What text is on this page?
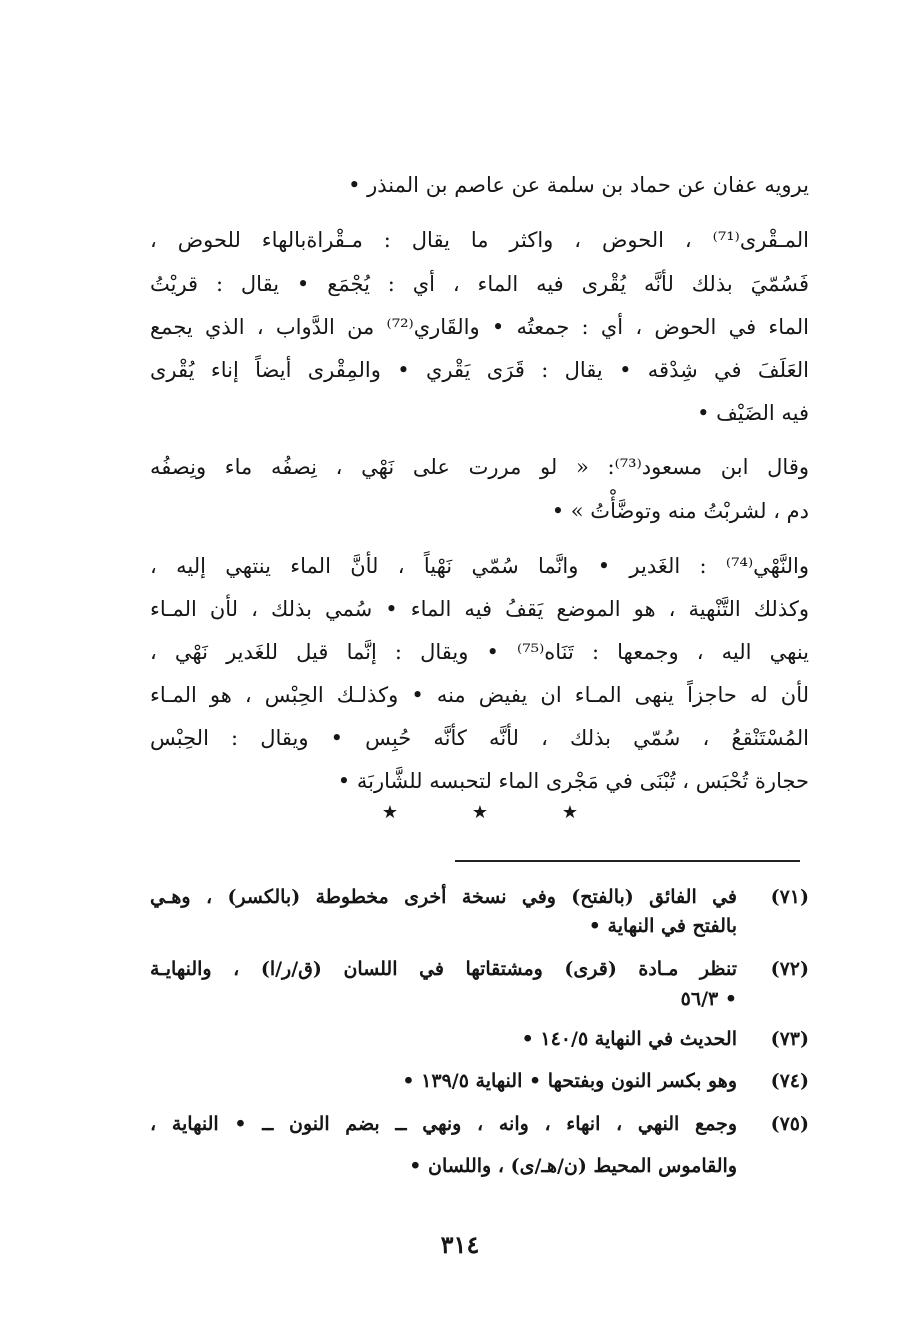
يرويه عفان عن حماد بن سلمة عن عاصم بن المنذر •
المـقْرى⁽⁷¹⁾ ، الحوض ، واكثر ما يقال : مـقْراةبالهاء للحوض ،
فَسُمّيَ بذلك لأنَّه يُقْرى فيه الماء ، أي : يُجْمَع • يقال : قريْتُ
الماء في الحوض ، أي : جمعتُه • والقَاري⁽⁷²⁾ من الدَّواب ، الذي يجمع
العَلَفَ في شِدْقه • يقال : قَرَى يَقْري • والمِقْرى أيضاً إناء يُقْرى
فيه الضَيْف •
وقال ابن مسعود⁽⁷³⁾: « لو مررت على نَهْي ، نِصفُه ماء ونِصفُه
دم ، لشربْتُ منه وتوضَّأْتُ » •
والنَّهْي⁽⁷⁴⁾ : الغَدير • وانَّما سُمّي نَهْياً ، لأنَّ الماء ينتهي إليه ،
وكذلك التَّنْهية ، هو الموضع يَقفُ فيه الماء • سُمي بذلك ، لأن المـاء
ينهي اليه ، وجمعها : تَنَاه⁽⁷⁵⁾ • ويقال : إنَّما قيل للغَدير نَهْي ،
لأن له حاجزاً ينهى المـاء ان يفيض منه • وكذلـك الحِبْس ، هو المـاء
المُسْتَنْقعُ ، سُمّي بذلك ، لأنَّه كأنَّه حُبِس • ويقال : الحِبْس
حجارة تُحْبَس ، تُبْنَى في مَجْرى الماء لتحبسه للشَّاربَة •
★	★	★
(٧١)
في الفائق (بالفتح) وفي نسخة أخرى مخطوطة (بالكسر) ، وهـي
بالفتح في النهاية •
(٧٢)
تنظر مـادة (قرى) ومشتقاتها في اللسان (ق/ر/ا) ، والنهايـة
٥٦/٣ •
(٧٣)
الحديث في النهاية ١٤٠/٥ •
(٧٤)
وهو بكسر النون وبفتحها • النهاية ١٣٩/٥ •
(٧٥)
وجمع النهي ، انهاء ، وانه ، ونهي ــ بضم النون ــ • النهاية ،
والقاموس المحيط (ن/هـ/ى) ، واللسان •
٣١٤
